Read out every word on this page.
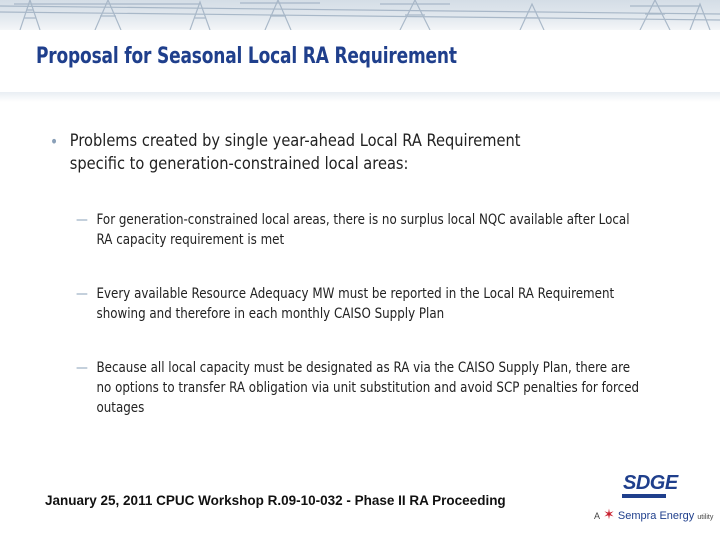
Proposal for Seasonal Local RA Requirement
• Problems created by single year-ahead Local RA Requirement specific to generation-constrained local areas:
— For generation-constrained local areas, there is no surplus local NQC available after Local RA capacity requirement is met
— Every available Resource Adequacy MW must be reported in the Local RA Requirement showing and therefore in each monthly CAISO Supply Plan
— Because all local capacity must be designated as RA via the CAISO Supply Plan, there are no options to transfer RA obligation via unit substitution and avoid SCP penalties for forced outages
January 25, 2011 CPUC Workshop R.09-10-032 - Phase II RA Proceeding
SDGE
A ✶ Sempra Energy utility
